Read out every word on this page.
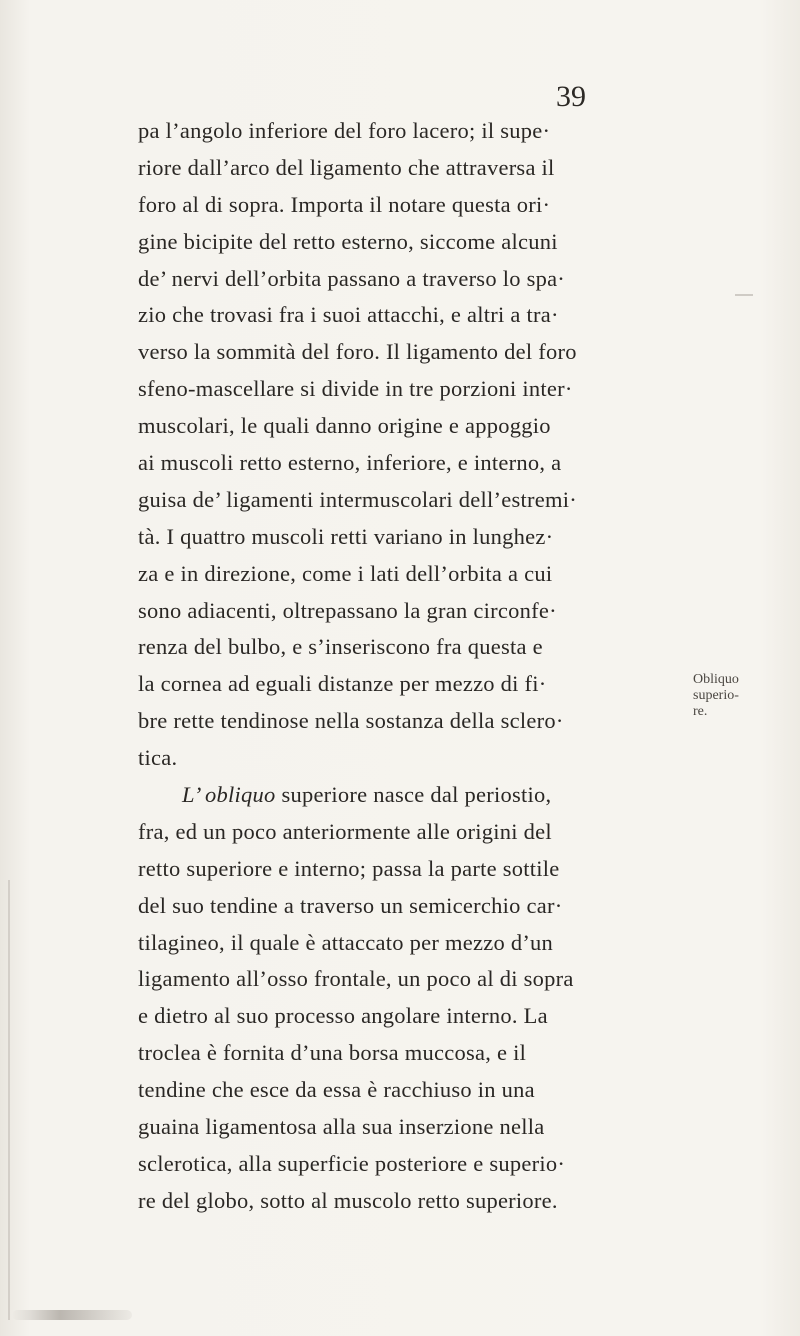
39
pa l’angolo inferiore del foro lacero; il supe·
riore dall’arco del ligamento che attraversa il
foro al di sopra. Importa il notare questa ori·
gine bicipite del retto esterno, siccome alcuni
de’ nervi dell’orbita passano a traverso lo spa·
zio che trovasi fra i suoi attacchi, e altri a tra·
verso la sommità del foro. Il ligamento del foro
sfeno-mascellare si divide in tre porzioni inter·
muscolari, le quali danno origine e appoggio
ai muscoli retto esterno, inferiore, e interno, a
guisa de’ ligamenti intermuscolari dell’estremi·
tà. I quattro muscoli retti variano in lunghez·
za e in direzione, come i lati dell’orbita a cui
sono adiacenti, oltrepassano la gran circonfe·
renza del bulbo, e s’inseriscono fra questa e
la cornea ad eguali distanze per mezzo di fi·
bre rette tendinose nella sostanza della sclero·
tica.
L’ obliquo superiore nasce dal periostio,
fra, ed un poco anteriormente alle origini del
retto superiore e interno; passa la parte sottile
del suo tendine a traverso un semicerchio car·
tilagineo, il quale è attaccato per mezzo d’un
ligamento all’osso frontale, un poco al di sopra
e dietro al suo processo angolare interno. La
troclea è fornita d’una borsa muccosa, e il
tendine che esce da essa è racchiuso in una
guaina ligamentosa alla sua inserzione nella
sclerotica, alla superficie posteriore e superio·
re del globo, sotto al muscolo retto superiore.
Obliquo
superio-
re.
